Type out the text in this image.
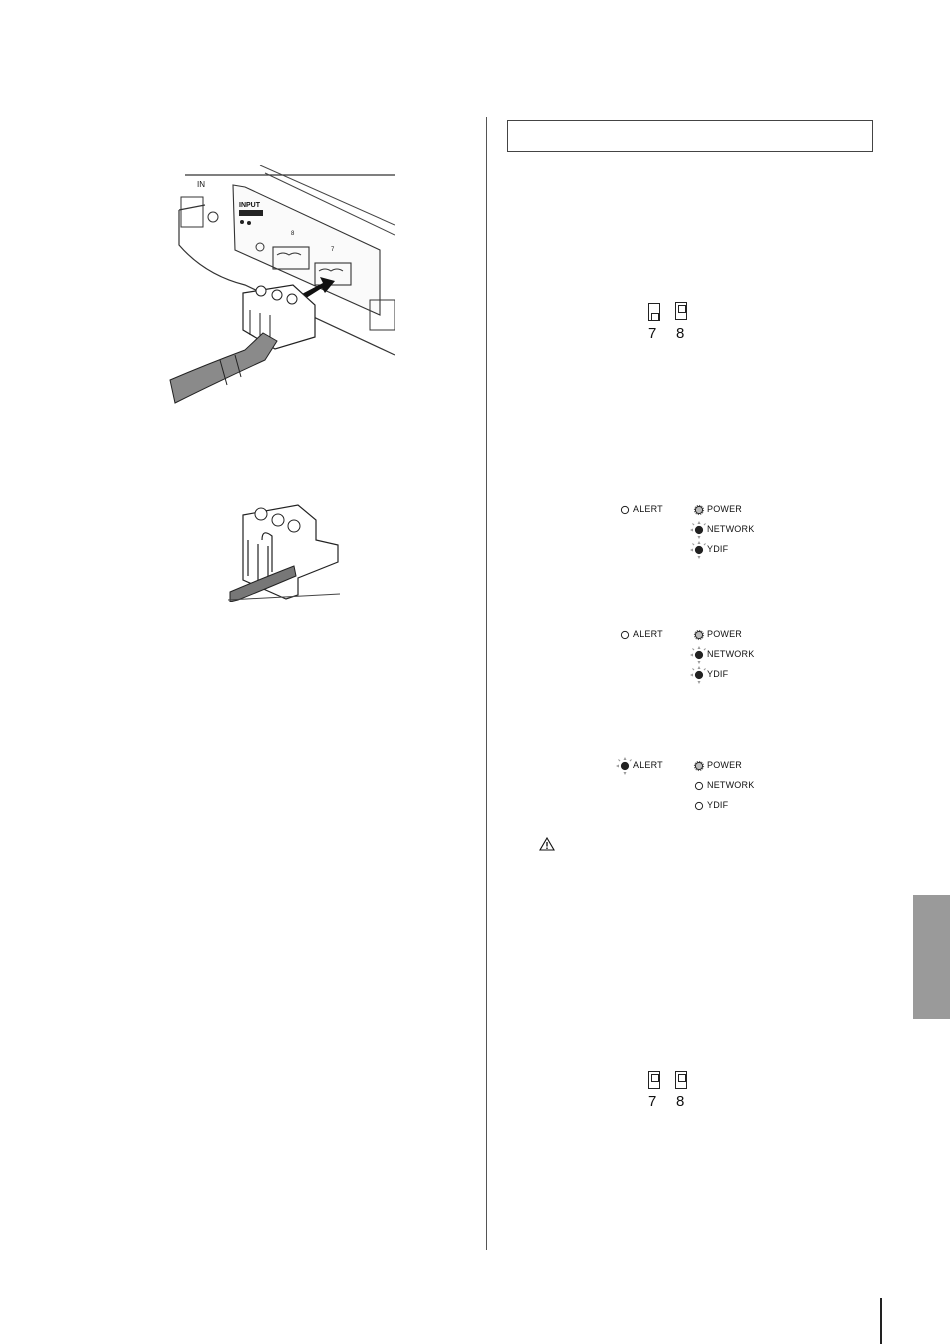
IN
INPUT
8
7
7 8
7 8
ALERT	POWER
NETWORK
YDIF
ALERT	POWER
NETWORK
YDIF
ALERT	POWER
NETWORK
YDIF
